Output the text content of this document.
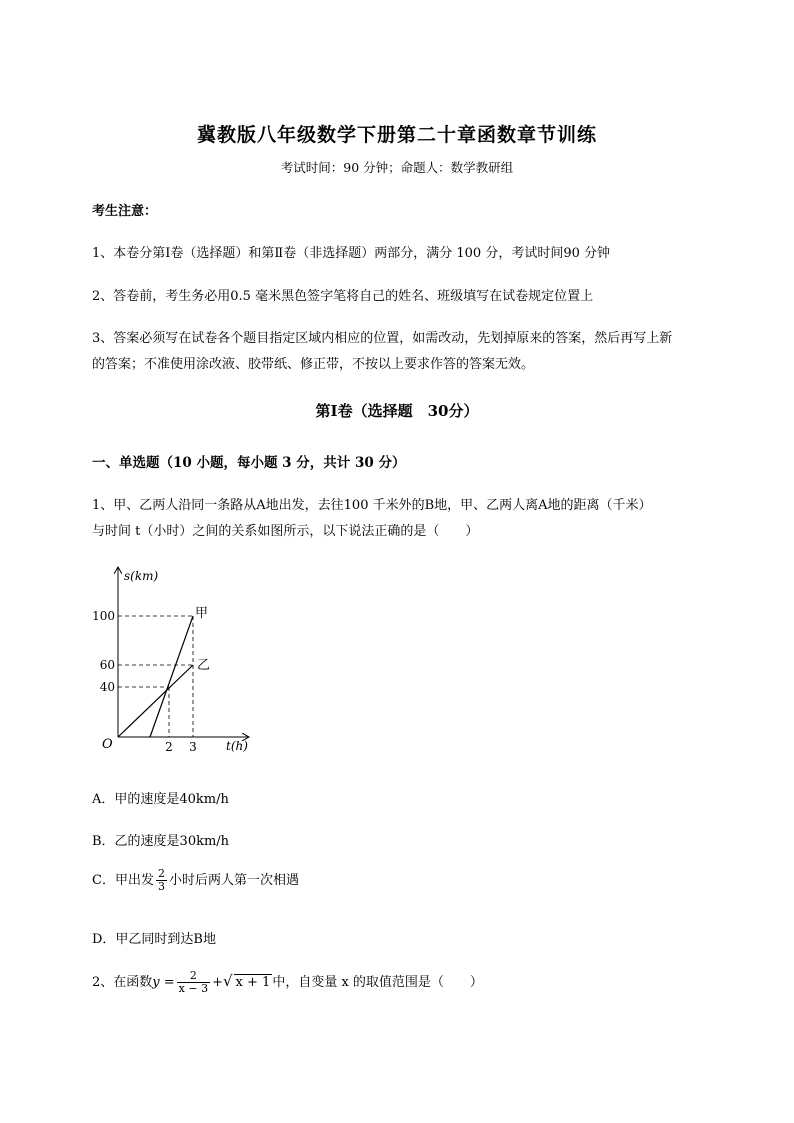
冀教版八年级数学下册第二十章函数章节训练
考试时间：90 分钟；命题人：数学教研组
考生注意：
1、本卷分第Ⅰ卷（选择题）和第Ⅱ卷（非选择题）两部分，满分 100 分，考试时间90 分钟
2、答卷前，考生务必用0.5 毫米黑色签字笔将自己的姓名、班级填写在试卷规定位置上
3、答案必须写在试卷各个题目指定区域内相应的位置，如需改动，先划掉原来的答案，然后再写上新
的答案；不准使用涂改液、胶带纸、修正带，不按以上要求作答的答案无效。
第Ⅰ卷（选择题　30分）
一、单选题（10 小题，每小题 3 分，共计 30 分）
1、甲、乙两人沿同一条路从A地出发，去往100 千米外的B地，甲、乙两人离A地的距离（千米）
与时间 t（小时）之间的关系如图所示，以下说法正确的是（　　）
s(km)
t(h)
O
100
60
40
2 3
甲
乙
A．甲的速度是40km/h
B．乙的速度是30km/h
C．甲出发 $\frac{2}{3}$ 小时后两人第一次相遇
D．甲乙同时到达B地
2、在函数$y = \frac{2}{x - 3}$ +√ x + 1 中，自变量 x 的取值范围是（　　）
